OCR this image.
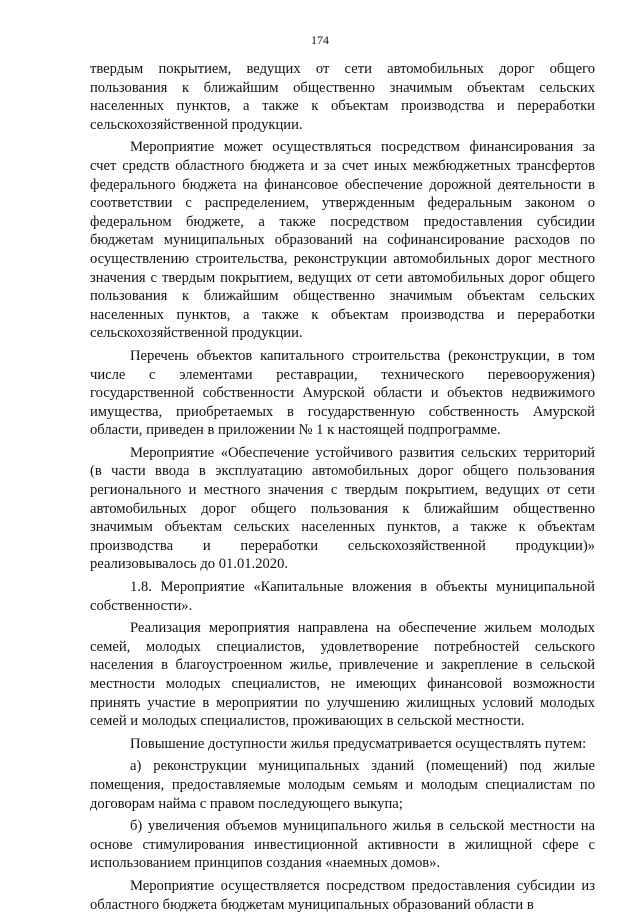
174

твердым покрытием, ведущих от сети автомобильных дорог общего пользования к ближайшим общественно значимым объектам сельских населенных пунктов, а также к объектам производства и переработки сельскохозяйственной продукции.

Мероприятие может осуществляться посредством финансирования за счет средств областного бюджета и за счет иных межбюджетных трансфертов федерального бюджета на финансовое обеспечение дорожной деятельности в соответствии с распределением, утвержденным федеральным законом о федеральном бюджете, а также посредством предоставления субсидии бюджетам муниципальных образований на софинансирование расходов по осуществлению строительства, реконструкции автомобильных дорог местного значения с твердым покрытием, ведущих от сети автомобильных дорог общего пользования к ближайшим общественно значимым объектам сельских населенных пунктов, а также к объектам производства и переработки сельскохозяйственной продукции.

Перечень объектов капитального строительства (реконструкции, в том числе с элементами реставрации, технического перевооружения) государственной собственности Амурской области и объектов недвижимого имущества, приобретаемых в государственную собственность Амурской области, приведен в приложении № 1 к настоящей подпрограмме.

Мероприятие «Обеспечение устойчивого развития сельских территорий (в части ввода в эксплуатацию автомобильных дорог общего пользования регионального и местного значения с твердым покрытием, ведущих от сети автомобильных дорог общего пользования к ближайшим общественно значимым объектам сельских населенных пунктов, а также к объектам производства и переработки сельскохозяйственной продукции)» реализовывалось до 01.01.2020.

1.8. Мероприятие «Капитальные вложения в объекты муниципальной собственности».

Реализация мероприятия направлена на обеспечение жильем молодых семей, молодых специалистов, удовлетворение потребностей сельского населения в благоустроенном жилье, привлечение и закрепление в сельской местности молодых специалистов, не имеющих финансовой возможности принять участие в мероприятии по улучшению жилищных условий молодых семей и молодых специалистов, проживающих в сельской местности.

Повышение доступности жилья предусматривается осуществлять путем:

а) реконструкции муниципальных зданий (помещений) под жилые помещения, предоставляемые молодым семьям и молодым специалистам по договорам найма с правом последующего выкупа;

б) увеличения объемов муниципального жилья в сельской местности на основе стимулирования инвестиционной активности в жилищной сфере с использованием принципов создания «наемных домов».

Мероприятие осуществляется посредством предоставления субсидии из областного бюджета бюджетам муниципальных образований области в
